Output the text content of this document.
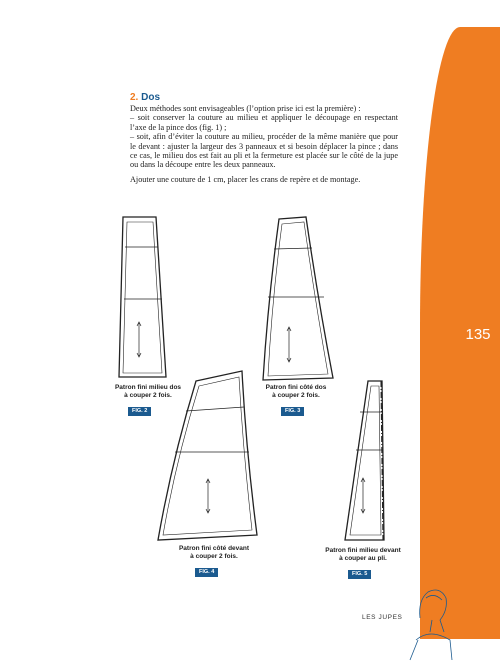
135
2. Dos

Deux méthodes sont envisageables (l’option prise ici est la première) :

– soit conserver la couture au milieu et appliquer le découpage en respectant l’axe de la pince dos (fig. 1) ;

– soit, afin d’éviter la couture au milieu, procéder de la même manière que pour le devant : ajuster la largeur des 3 panneaux et si besoin déplacer la pince ; dans ce cas, le milieu dos est fait au pli et la fermeture est placée sur le côté de la jupe ou dans la découpe entre les deux panneaux.

Ajouter une couture de 1 cm, placer les crans de repère et de montage.

Patron fini milieu dos
à couper 2 fois.
FIG. 2
Patron fini côté dos
à couper 2 fois.
FIG. 3
Patron fini côté devant
à couper 2 fois.
FIG. 4
Patron fini milieu devant
à couper au pli.
FIG. 5
LES JUPES
